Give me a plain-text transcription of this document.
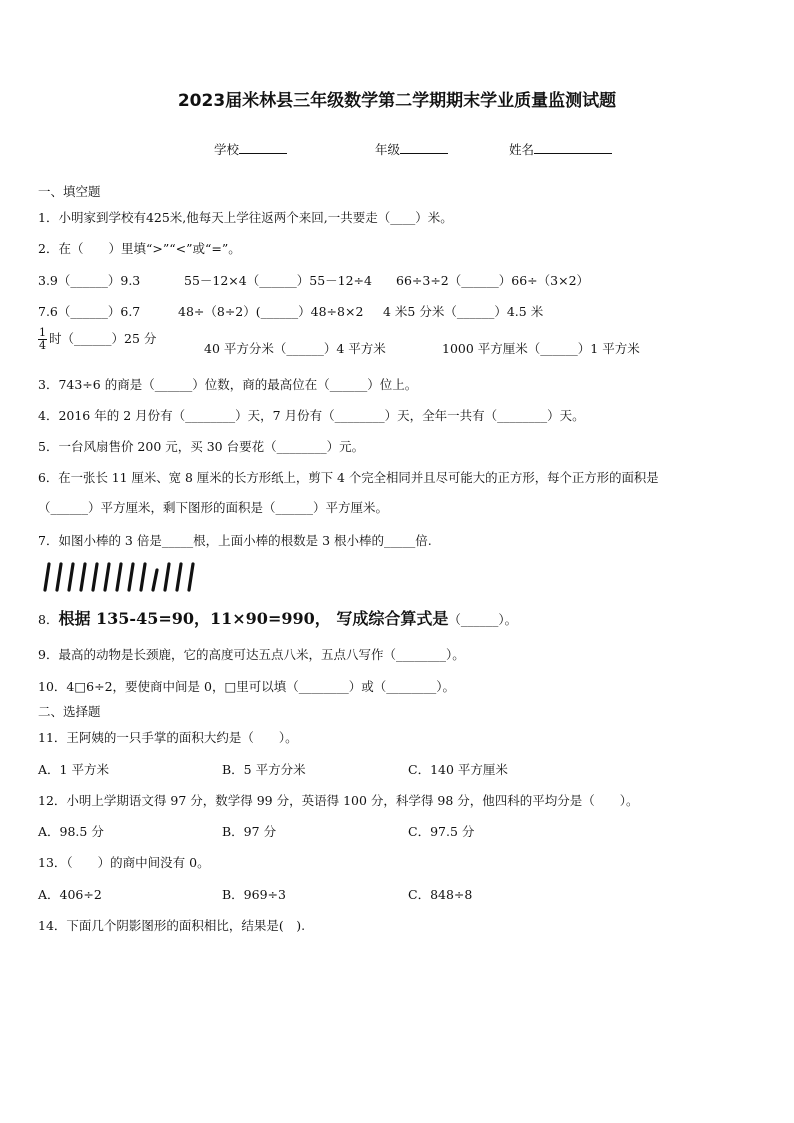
2023届米林县三年级数学第二学期期末学业质量监测试题
学校	年级	姓名
一、填空题
1．小明家到学校有425米,他每天上学往返两个来回,一共要走（____）米。
2．在（　　）里填“>”“<”或“=”。
3.9（______）9.3	55－12×4（______）55－12÷4 66÷3÷2（______）66÷（3×2）
7.6（______）6.7	48÷（8÷2）(______）48÷8×2 4 米5 分米（______）4.5 米
$\frac{1}{4}$ 时（______）25 分
40 平方分米（______）4 平方米	1000 平方厘米（______）1 平方米
3．743÷6 的商是（______）位数，商的最高位在（______）位上。
4．2016 年的 2 月份有（________）天，7 月份有（________）天，全年一共有（________）天。
5．一台风扇售价 200 元，买 30 台要花（________）元。
6．在一张长 11 厘米、宽 8 厘米的长方形纸上，剪下 4 个完全相同并且尽可能大的正方形，每个正方形的面积是
（______）平方厘米，剩下图形的面积是（______）平方厘米。
7．如图小棒的 3 倍是_____根，上面小棒的根数是 3 根小棒的_____倍.
8．根据 135-45=90，11×90=990， 写成综合算式是（______）。
9．最高的动物是长颈鹿，它的高度可达五点八米，五点八写作（________）。
10．4□6÷2，要使商中间是 0，□里可以填（________）或（________）。
二、选择题
11．王阿姨的一只手掌的面积大约是（　　）。
A．1 平方米	B．5 平方分米	C．140 平方厘米
12．小明上学期语文得 97 分，数学得 99 分，英语得 100 分，科学得 98 分，他四科的平均分是（　　）。
A．98.5 分	B．97 分	C．97.5 分
13．（　　）的商中间没有 0。
A．406÷2	B．969÷3	C．848÷8
14．下面几个阴影图形的面积相比，结果是(　).
